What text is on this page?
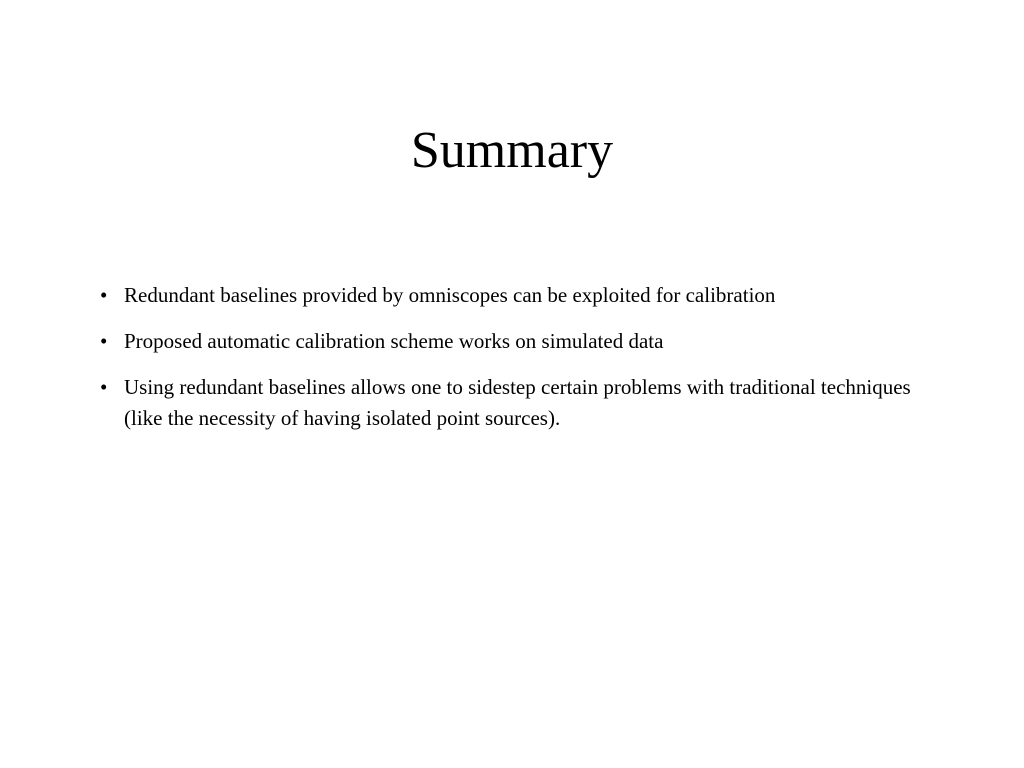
Summary
• Redundant baselines provided by omniscopes can be exploited for calibration
• Proposed automatic calibration scheme works on simulated data
• Using redundant baselines allows one to sidestep certain problems with traditional techniques (like the necessity of having isolated point sources).
